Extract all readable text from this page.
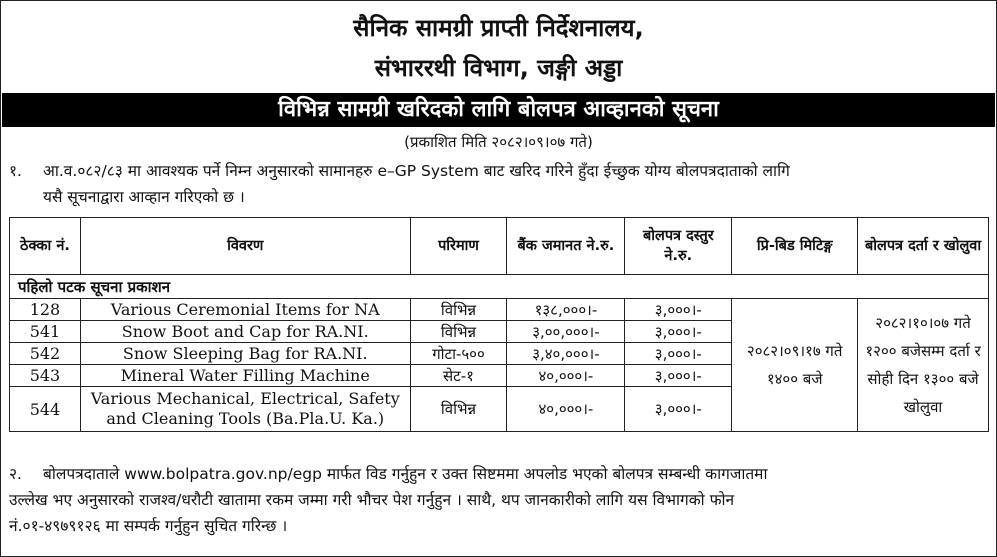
सैनिक सामग्री प्राप्ती निर्देशनालय,
संभाररथी विभाग, जङ्गी अड्डा
विभिन्न सामग्री खरिदको लागि बोलपत्र आव्हानको सूचना
(प्रकाशित मिति २०८२।०९।०७ गते)
१. आ.व.०८२/८३ मा आवश्यक पर्ने निम्न अनुसारको सामानहरु e–GP System बाट खरिद गरिने हुँदा ईच्छुक योग्य बोलपत्रदाताको लागि
यसै सूचनाद्वारा आव्हान गरिएको छ ।
ठेक्का नं.	विवरण	परिमाण	बैंक जमानत ने.रु.	बोलपत्र दस्तुर ने.रु.	प्रि-बिड मिटिङ्ग	बोलपत्र दर्ता र खोलुवा
पहिलो पटक सूचना प्रकाशन						
128	Various Ceremonial Items for NA	विभिन्न	१३८,०००।-	३,०००।-	२०८२।०९।१७ गते १४०० बजे	२०८२।१०।०७ गते १२०० बजेसम्म दर्ता र सोही दिन १३०० बजे खोलुवा
541	Snow Boot and Cap for RA.NI.	विभिन्न	३,००,०००।-	३,०००।-		
542	Snow Sleeping Bag for RA.NI.	गोटा-५००	३,४०,०००।-	३,०००।-		
543	Mineral Water Filling Machine	सेट-१	४०,०००।-	३,०००।-		
544	Various Mechanical, Electrical, Safety and Cleaning Tools (Ba.Pla.U. Ka.)	विभिन्न	४०,०००।-	३,०००।-		
२. बोलपत्रदाताले www.bolpatra.gov.np/egp मार्फत विड गर्नुहुन र उक्त सिष्टममा अपलोड भएको बोलपत्र सम्बन्धी कागजातमा
उल्लेख भए अनुसारको राजश्व/धरौटी खातामा रकम जम्मा गरी भौचर पेश गर्नुहुन । साथै, थप जानकारीको लागि यस विभागको फोन
नं.०१-४९७९१२६ मा सम्पर्क गर्नुहुन सुचित गरिन्छ ।
